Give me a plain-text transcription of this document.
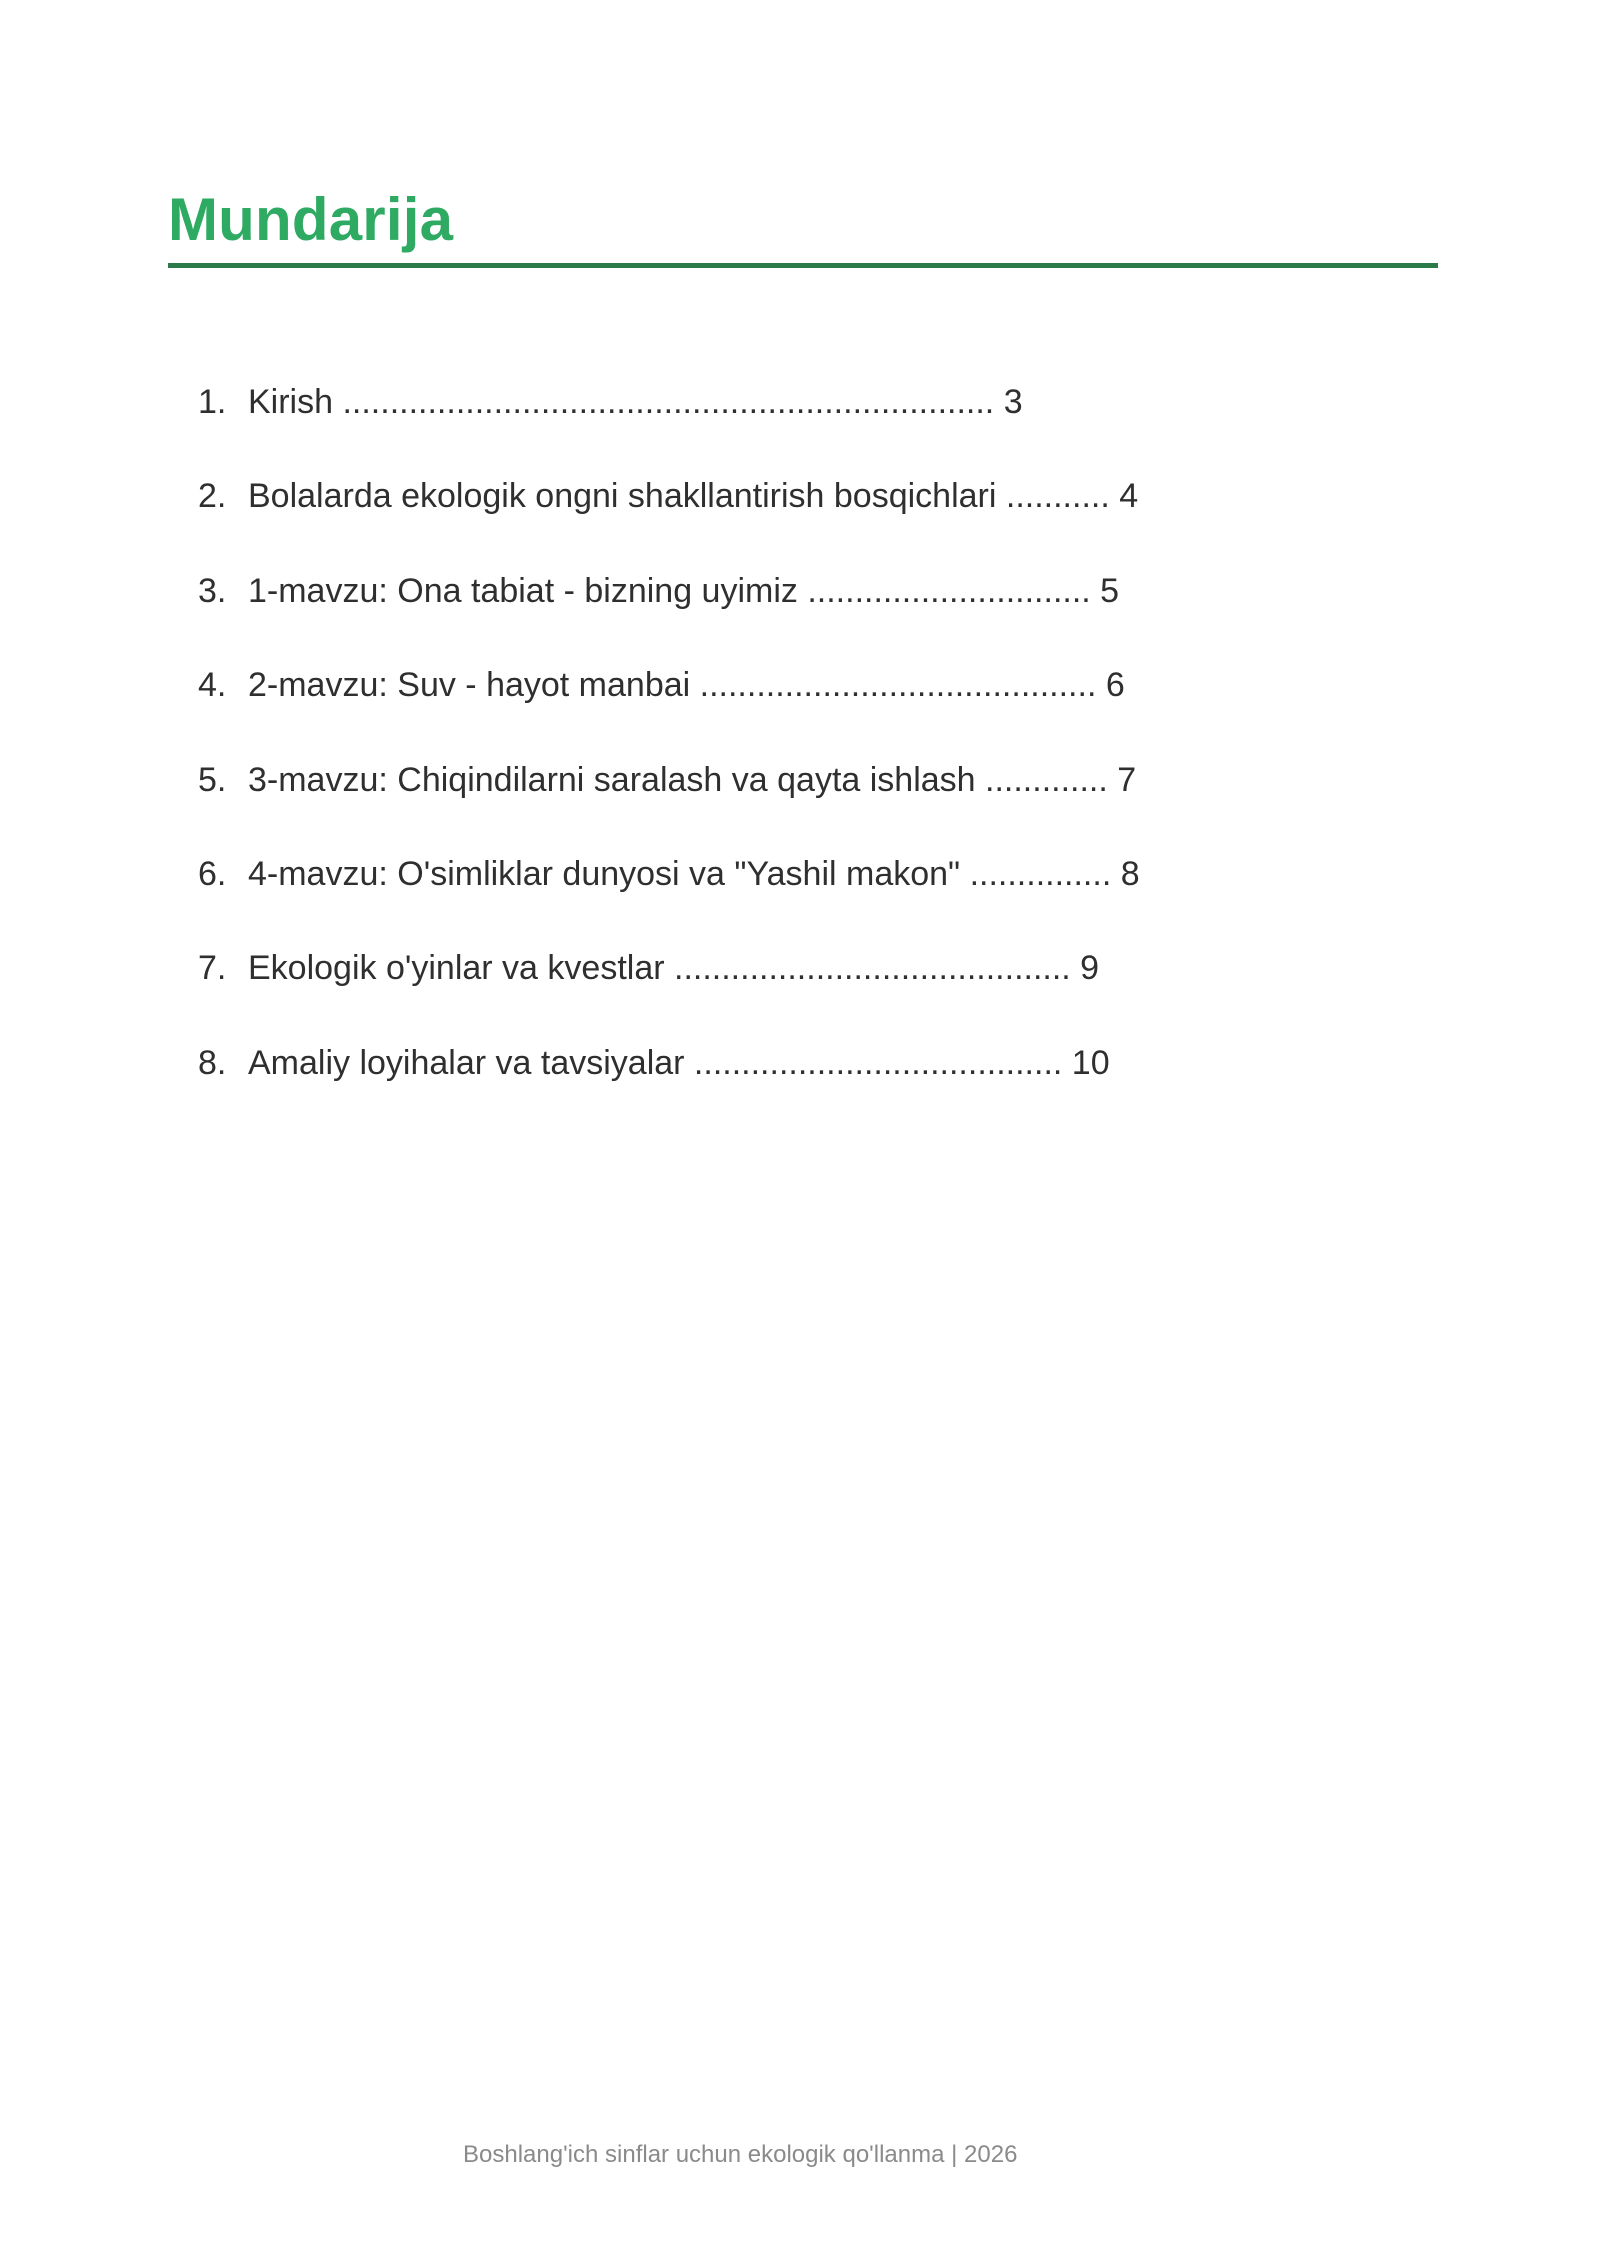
Mundarija
1. Kirish ..................................................................... 3
2. Bolalarda ekologik ongni shakllantirish bosqichlari ........... 4
3. 1-mavzu: Ona tabiat - bizning uyimiz .............................. 5
4. 2-mavzu: Suv - hayot manbai .......................................... 6
5. 3-mavzu: Chiqindilarni saralash va qayta ishlash ............. 7
6. 4-mavzu: O'simliklar dunyosi va "Yashil makon" ............... 8
7. Ekologik o'yinlar va kvestlar .......................................... 9
8. Amaliy loyihalar va tavsiyalar ....................................... 10
Boshlang'ich sinflar uchun ekologik qo'llanma | 2026
